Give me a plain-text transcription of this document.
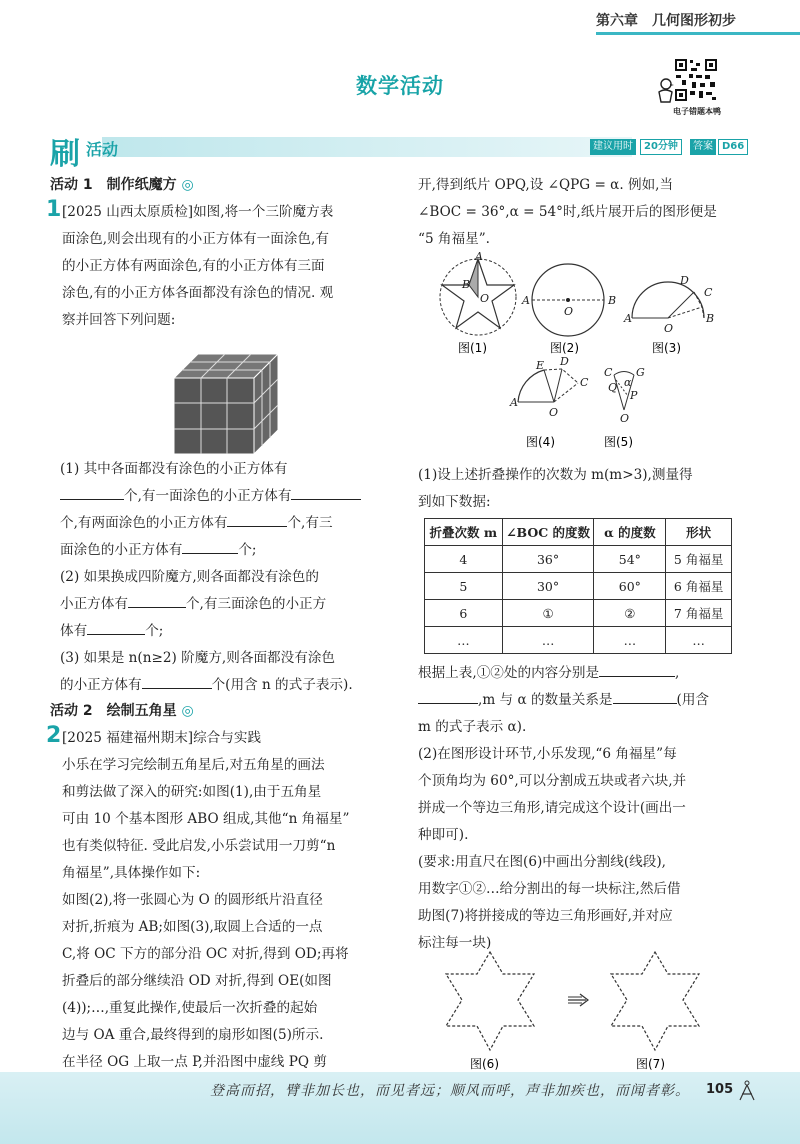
第六章　几何图形初步
数学活动
电子错题本鸭
刷 活动	建议用时	20分钟	答案 D66
活动 1　制作纸魔方 ◎
1 [2025 山西太原质检]如图,将一个三阶魔方表
面涂色,则会出现有的小正方体有一面涂色,有
的小正方体有两面涂色,有的小正方体有三面
涂色,有的小正方体各面都没有涂色的情况. 观
察并回答下列问题:
(1) 其中各面都没有涂色的小正方体有
个,有一面涂色的小正方体有
个,有两面涂色的小正方体有	个,有三
面涂色的小正方体有	个;
(2) 如果换成四阶魔方,则各面都没有涂色的
小正方体有	个,有三面涂色的小正方
体有	个;
(3) 如果是 n(n≥2) 阶魔方,则各面都没有涂色
的小正方体有	个(用含 n 的式子表示).
活动 2　绘制五角星 ◎
2 [2025 福建福州期末]综合与实践
小乐在学习完绘制五角星后,对五角星的画法
和剪法做了深入的研究:如图(1),由于五角星
可由 10 个基本图形 ABO 组成,其他“n 角福星”
也有类似特征. 受此启发,小乐尝试用一刀剪“n
角福星”,具体操作如下:
如图(2),将一张圆心为 O 的圆形纸片沿直径
对折,折痕为 AB;如图(3),取圆上合适的一点
C,将 OC 下方的部分沿 OC 对折,得到 OD;再将
折叠后的部分继续沿 OD 对折,得到 OE(如图
(4));…,重复此操作,使最后一次折叠的起始
边与 OA 重合,最终得到的扇形如图(5)所示.
在半径 OG 上取一点 P,并沿图中虚线 PQ 剪
开,得到纸片 OPQ,设 ∠QPG = α. 例如,当
∠BOC = 36°,α = 54°时,纸片展开后的图形便是
“5 角福星”.
A
B
O	A	B
O
A
O
D
C
B
A
E D
C
O
C G
Q α
P
O
图(1)	图(2)	图(3)
图(4)	图(5)
(1)设上述折叠操作的次数为 m(m>3),测量得
到如下数据:
折叠次数 m	∠BOC 的度数	α 的度数	形状
4	36°	54°	5 角福星
5	30°	60°	6 角福星
6	①	②	7 角福星
…	…	…	…
根据上表,①②处的内容分别是	,
,m 与 α 的数量关系是	(用含
m 的式子表示 α).
(2)在图形设计环节,小乐发现,“6 角福星”每
个顶角均为 60°,可以分割成五块或者六块,并
拼成一个等边三角形,请完成这个设计(画出一
种即可).
(要求:用直尺在图(6)中画出分割线(线段),
用数字①②…给分割出的每一块标注,然后借
助图(7)将拼接成的等边三角形画好,并对应
标注每一块)
图(6)	图(7)
登高而招，臂非加长也，而见者远；顺风而呼，声非加疾也，而闻者彰。 105
